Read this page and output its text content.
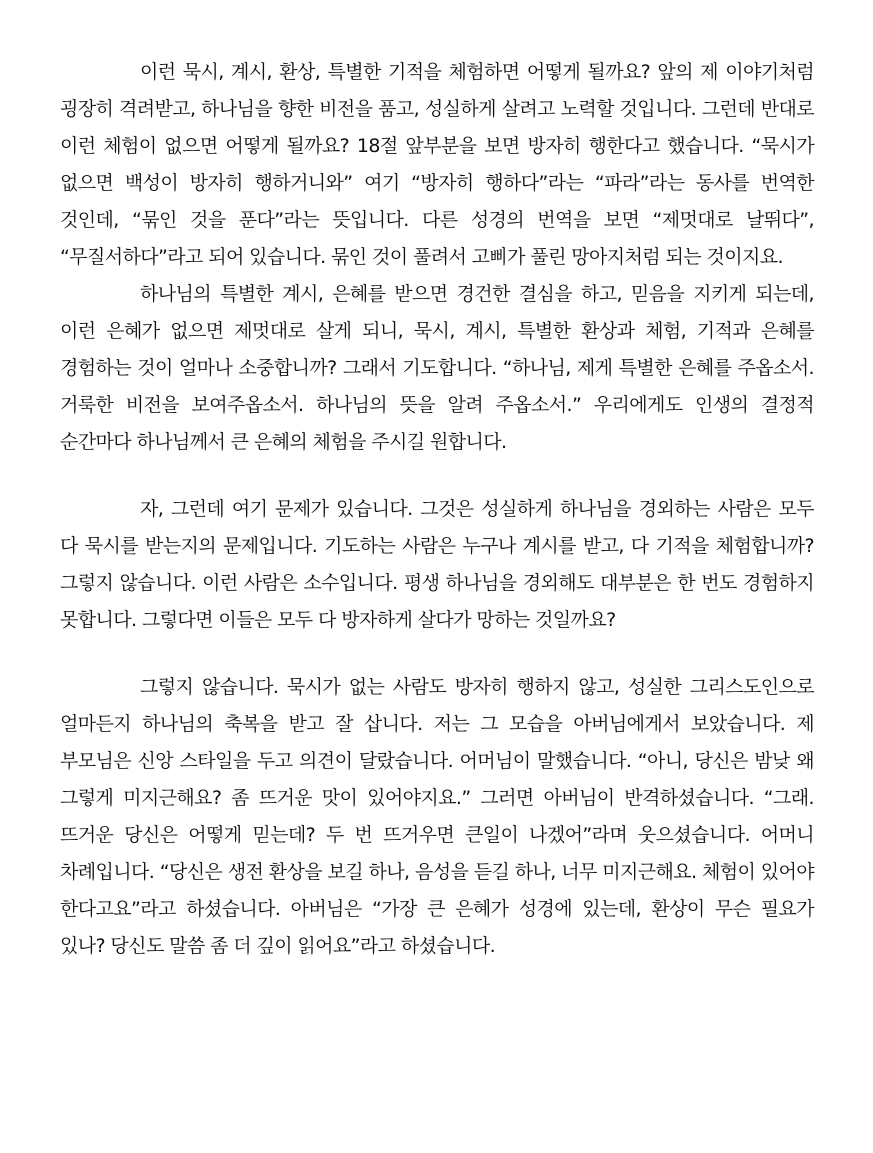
이런 묵시, 계시, 환상, 특별한 기적을 체험하면 어떻게 될까요? 앞의 제 이야기처럼 굉장히 격려받고, 하나님을 향한 비전을 품고, 성실하게 살려고 노력할 것입니다. 그런데 반대로 이런 체험이 없으면 어떻게 될까요? 18절 앞부분을 보면 방자히 행한다고 했습니다. “묵시가 없으면 백성이 방자히 행하거니와” 여기 “방자히 행하다”라는 “파라”라는 동사를 번역한 것인데, “묶인 것을 푼다”라는 뜻입니다. 다른 성경의 번역을 보면 “제멋대로 날뛰다”, “무질서하다”라고 되어 있습니다. 묶인 것이 풀려서 고삐가 풀린 망아지처럼 되는 것이지요.

하나님의 특별한 계시, 은혜를 받으면 경건한 결심을 하고, 믿음을 지키게 되는데, 이런 은혜가 없으면 제멋대로 살게 되니, 묵시, 계시, 특별한 환상과 체험, 기적과 은혜를 경험하는 것이 얼마나 소중합니까? 그래서 기도합니다. “하나님, 제게 특별한 은혜를 주옵소서. 거룩한 비전을 보여주옵소서. 하나님의 뜻을 알려 주옵소서.” 우리에게도 인생의 결정적 순간마다 하나님께서 큰 은혜의 체험을 주시길 원합니다.

자, 그런데 여기 문제가 있습니다. 그것은 성실하게 하나님을 경외하는 사람은 모두 다 묵시를 받는지의 문제입니다. 기도하는 사람은 누구나 계시를 받고, 다 기적을 체험합니까? 그렇지 않습니다. 이런 사람은 소수입니다. 평생 하나님을 경외해도 대부분은 한 번도 경험하지 못합니다. 그렇다면 이들은 모두 다 방자하게 살다가 망하는 것일까요?

그렇지 않습니다. 묵시가 없는 사람도 방자히 행하지 않고, 성실한 그리스도인으로 얼마든지 하나님의 축복을 받고 잘 삽니다. 저는 그 모습을 아버님에게서 보았습니다. 제 부모님은 신앙 스타일을 두고 의견이 달랐습니다. 어머님이 말했습니다. “아니, 당신은 밤낮 왜 그렇게 미지근해요? 좀 뜨거운 맛이 있어야지요.” 그러면 아버님이 반격하셨습니다. “그래. 뜨거운 당신은 어떻게 믿는데? 두 번 뜨거우면 큰일이 나겠어”라며 웃으셨습니다. 어머니 차례입니다. “당신은 생전 환상을 보길 하나, 음성을 듣길 하나, 너무 미지근해요. 체험이 있어야 한다고요”라고 하셨습니다. 아버님은 “가장 큰 은혜가 성경에 있는데, 환상이 무슨 필요가 있나? 당신도 말씀 좀 더 깊이 읽어요”라고 하셨습니다.
